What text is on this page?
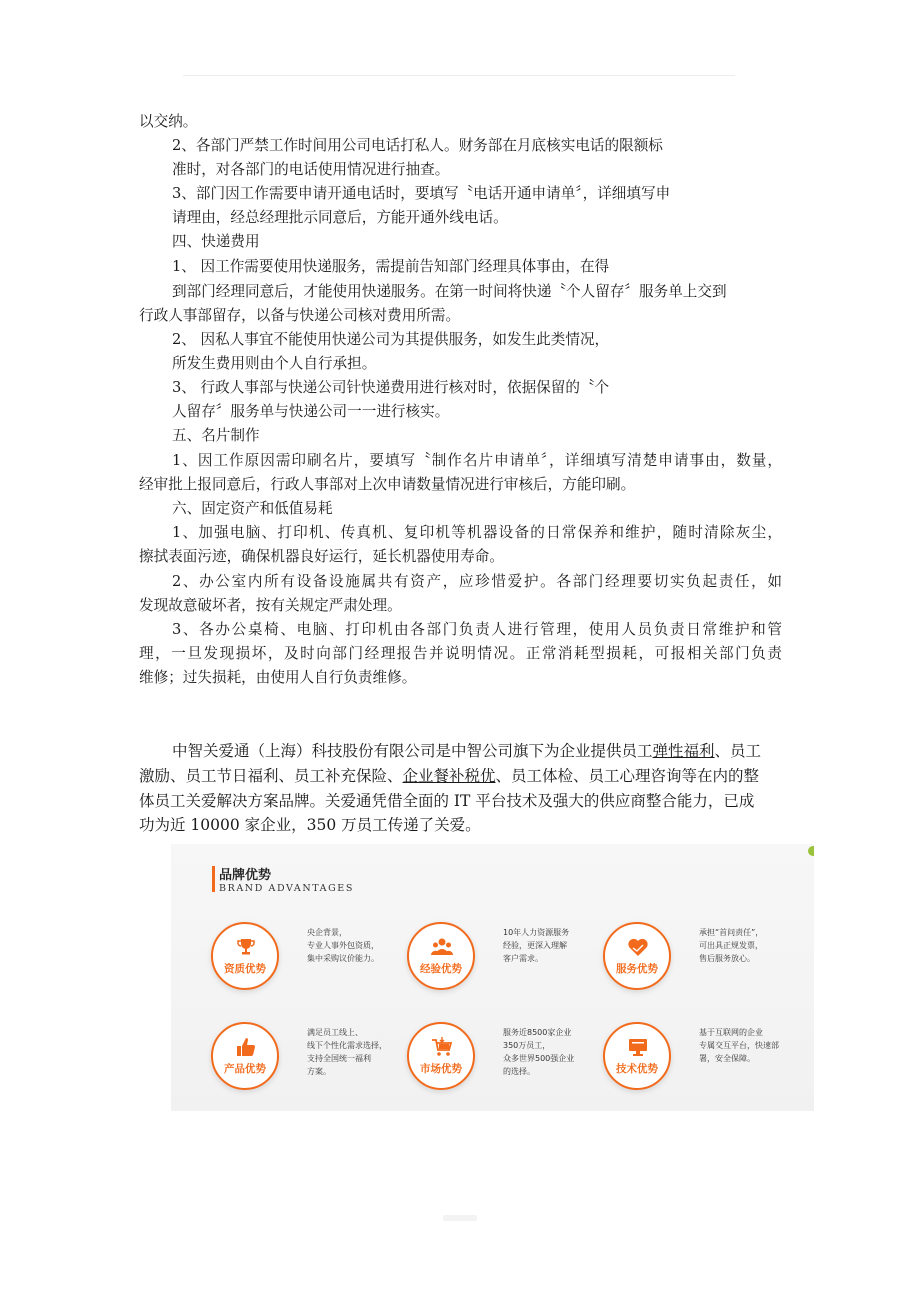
以交纳。
2、各部门严禁工作时间用公司电话打私人。财务部在月底核实电话的限额标
准时，对各部门的电话使用情况进行抽查。
3、部门因工作需要申请开通电话时，要填写〝电话开通申请单〞，详细填写申
请理由，经总经理批示同意后，方能开通外线电话。
四、快递费用
1、 因工作需要使用快递服务，需提前告知部门经理具体事由，在得
到部门经理同意后，才能使用快递服务。在第一时间将快递〝个人留存〞服务单上交到
行政人事部留存，以备与快递公司核对费用所需。
2、 因私人事宜不能使用快递公司为其提供服务，如发生此类情况，
所发生费用则由个人自行承担。
3、 行政人事部与快递公司针快递费用进行核对时，依据保留的〝个
人留存〞服务单与快递公司一一进行核实。
五、名片制作
1、因工作原因需印刷名片，要填写〝制作名片申请单〞，详细填写清楚申请事由，数量，
经审批上报同意后，行政人事部对上次申请数量情况进行审核后，方能印刷。
六、固定资产和低值易耗
1、加强电脑、打印机、传真机、复印机等机器设备的日常保养和维护，随时清除灰尘，
擦拭表面污迹，确保机器良好运行，延长机器使用寿命。
2、办公室内所有设备设施属共有资产，应珍惜爱护。各部门经理要切实负起责任，如
发现故意破坏者，按有关规定严肃处理。
3、各办公桌椅、电脑、打印机由各部门负责人进行管理，使用人员负责日常维护和管
理，一旦发现损坏，及时向部门经理报告并说明情况。正常消耗型损耗，可报相关部门负责
维修；过失损耗，由使用人自行负责维修。
中智关爱通（上海）科技股份有限公司是中智公司旗下为企业提供员工弹性福利、员工
激励、员工节日福利、员工补充保险、企业餐补税优、员工体检、员工心理咨询等在内的整
体员工关爱解决方案品牌。关爱通凭借全面的 IT 平台技术及强大的供应商整合能力，已成
功为近 10000 家企业，350 万员工传递了关爱。
品牌优势
BRAND ADVANTAGES
资质优势
央企背景，
专业人事外包资质，
集中采购议价能力。
经验优势
10年人力资源服务
经验，更深入理解
客户需求。
服务优势
承担“首问责任”，
可出具正规发票，
售后服务放心。
产品优势
满足员工线上、
线下个性化需求选择，
支持全国统一福利
方案。	市场优势
服务近8500家企业
350万员工，
众多世界500强企业
的选择。	技术优势
基于互联网的企业
专属交互平台，快速部
署，安全保障。
